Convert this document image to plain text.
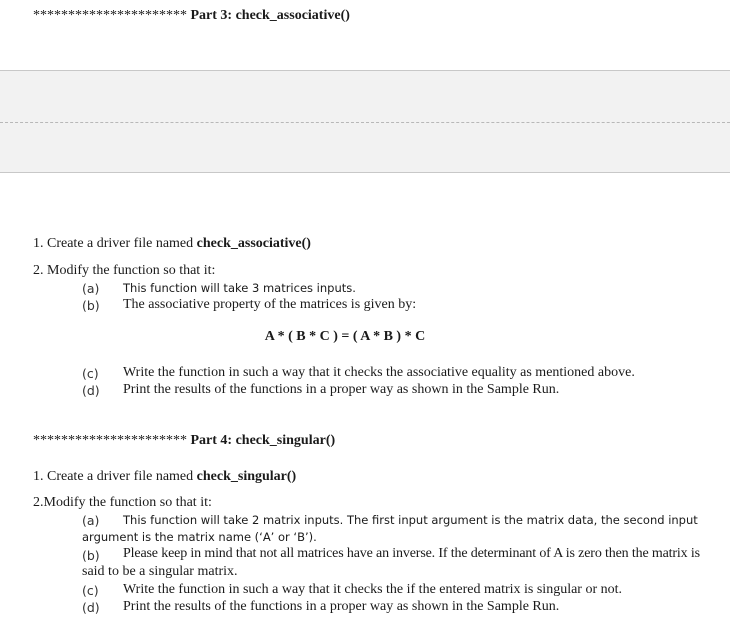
********************** Part 3: check_associative()
1. Create a driver file named check_associative()
2. Modify the function so that it:
(a) This function will take 3 matrices inputs.
(b) The associative property of the matrices is given by:
A * ( B * C ) = ( A * B ) * C
(c) Write the function in such a way that it checks the associative equality as mentioned above.
(d) Print the results of the functions in a proper way as shown in the Sample Run.
********************** Part 4: check_singular()
1. Create a driver file named check_singular()
2.Modify the function so that it:
(a) This function will take 2 matrix inputs. The first input argument is the matrix data, the second input
argument is the matrix name (‘A’ or ‘B’).
(b) Please keep in mind that not all matrices have an inverse. If the determinant of A is zero then the matrix is
said to be a singular matrix.
(c) Write the function in such a way that it checks the if the entered matrix is singular or not.
(d) Print the results of the functions in a proper way as shown in the Sample Run.
